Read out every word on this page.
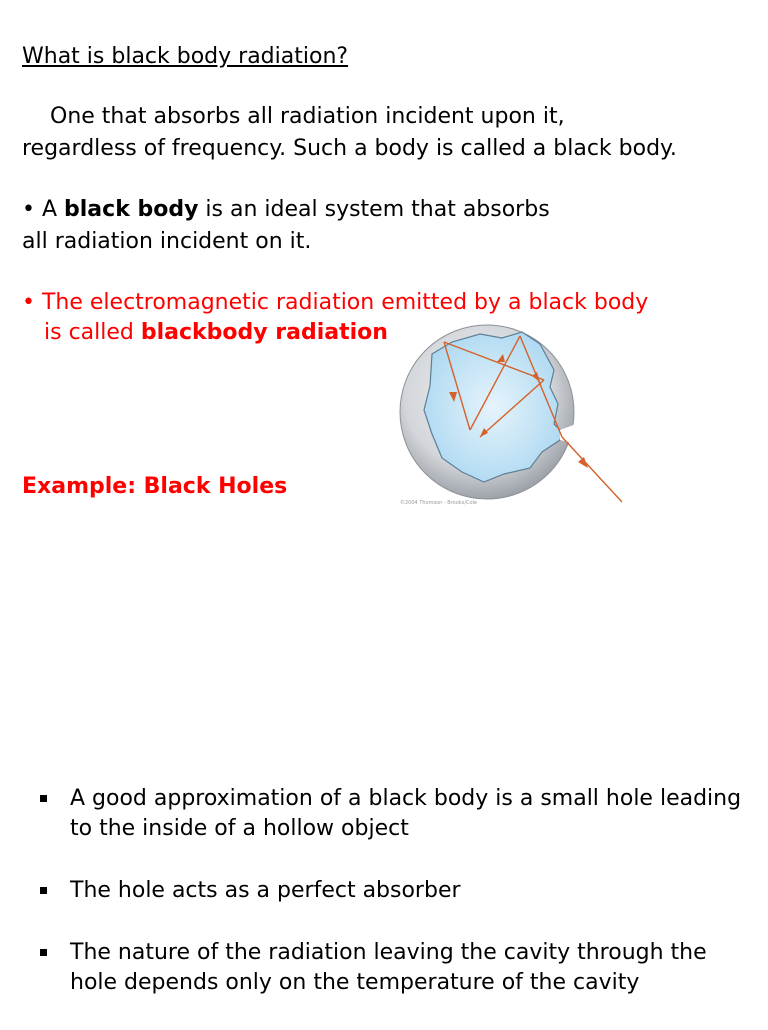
What is black body radiation?
One that absorbs all radiation incident upon it,
regardless of frequency. Such a body is called a black body.
• A black body is an ideal system that absorbs
all radiation incident on it.
• The electromagnetic radiation emitted by a black body
is called blackbody radiation
Example: Black Holes
©2004 Thomson - Brooks/Cole
A good approximation of a black body is a small hole leading to the inside of a hollow object
The hole acts as a perfect absorber
The nature of the radiation leaving the cavity through the hole depends only on the temperature of the cavity
